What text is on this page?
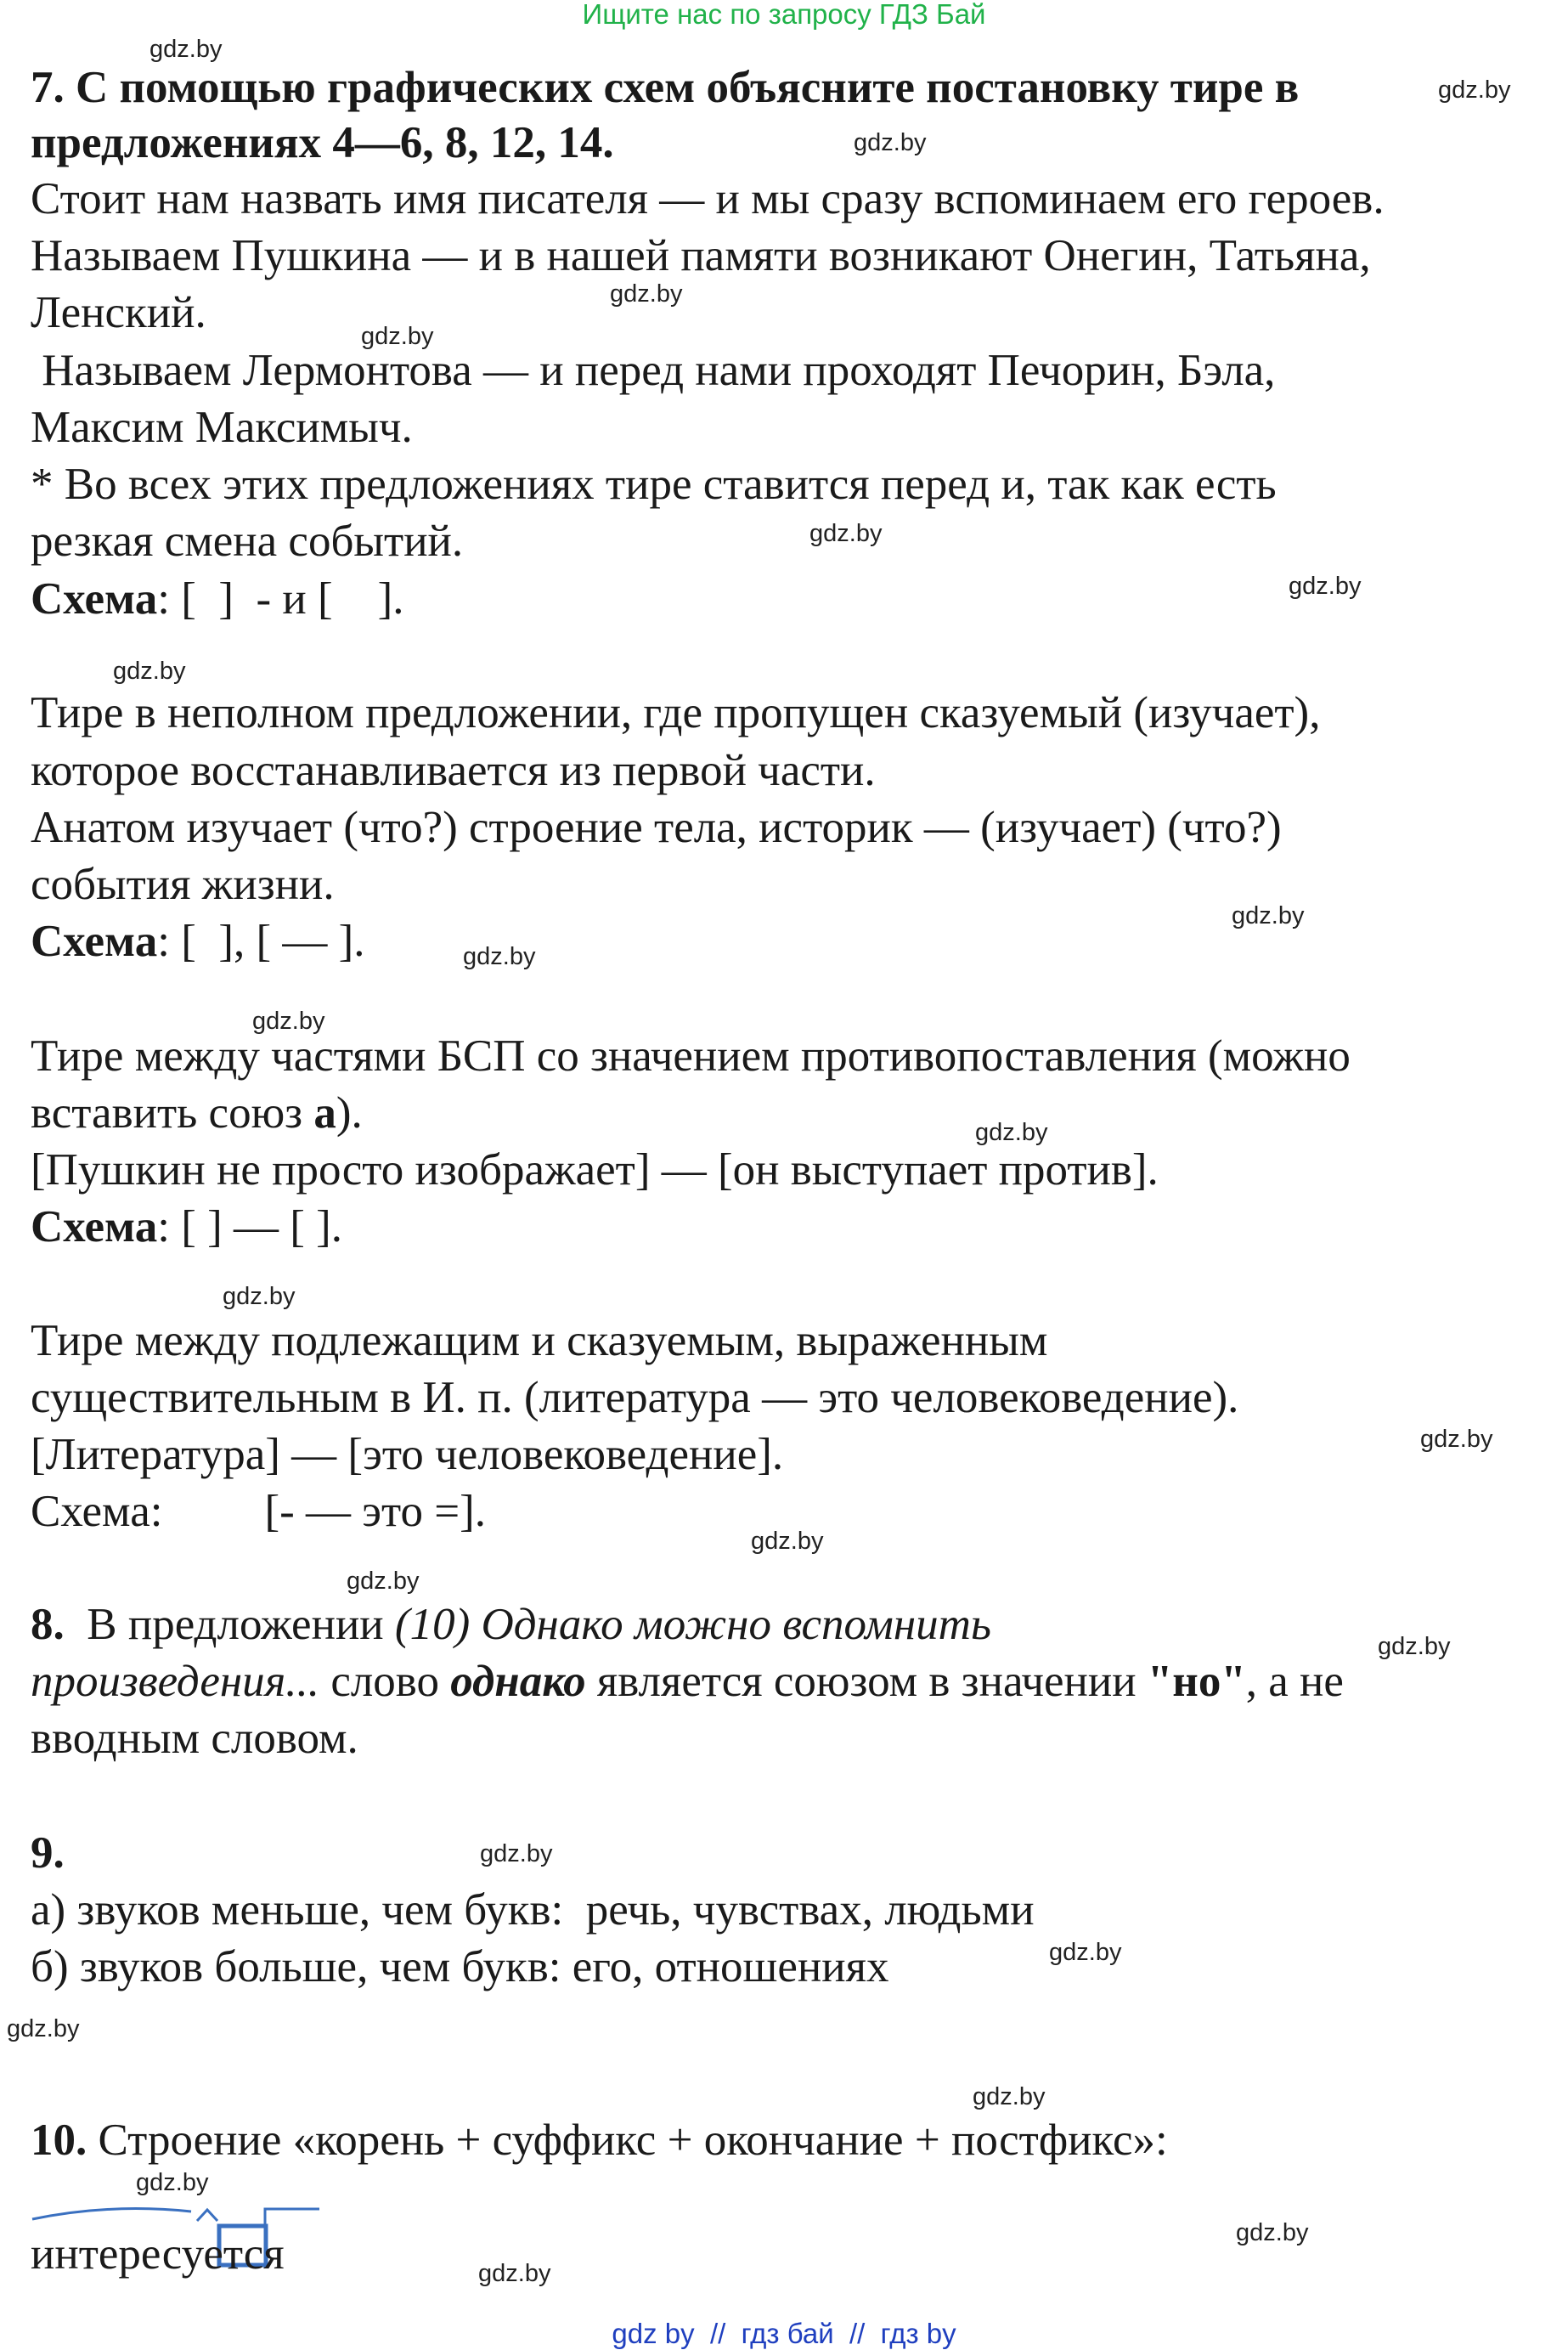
Ищите нас по запросу ГДЗ Бай
gdz.by
gdz.by
gdz.by
gdz.by
gdz.by
gdz.by
gdz.by
gdz.by
gdz.by
gdz.by
gdz.by
gdz.by
gdz.by
gdz.by
gdz.by
gdz.by
gdz.by
gdz.by
gdz.by
gdz.by
gdz.by
gdz.by
gdz.by
gdz.by
7. С помощью графических схем объясните постановку тире в
предложениях 4—6, 8, 12, 14.
Стоит нам назвать имя писателя — и мы сразу вспоминаем его героев.
Называем Пушкина — и в нашей памяти возникают Онегин, Татьяна,
Ленский.
Называем Лермонтова — и перед нами проходят Печорин, Бэла,
Максим Максимыч.
* Во всех этих предложениях тире ставится перед и, так как есть
резкая смена событий.
Схема: [  ]  - и [    ].
Тире в неполном предложении, где пропущен сказуемый (изучает),
которое восстанавливается из первой части.
Анатом изучает (что?) строение тела, историк — (изучает) (что?)
события жизни.
Схема: [  ], [ — ].
Тире между частями БСП со значением противопоставления (можно
вставить союз а).
[Пушкин не просто изображает] — [он выступает против].
Схема: [ ] — [ ].
Тире между подлежащим и сказуемым, выраженным
существительным в И. п. (литература — это человековедение).
[Литература] — [это человековедение].
Схема: [- — это =].
8.  В предложении (10) Однако можно вспомнить
произведения... слово однако является союзом в значении "но", а не
вводным словом.
9.
а) звуков меньше, чем букв:  речь, чувствах, людьми
б) звуков больше, чем букв: его, отношениях
10. Строение «корень + суффикс + окончание + постфикс»:
интересуется
gdz by  //  гдз бай  //  гдз by
